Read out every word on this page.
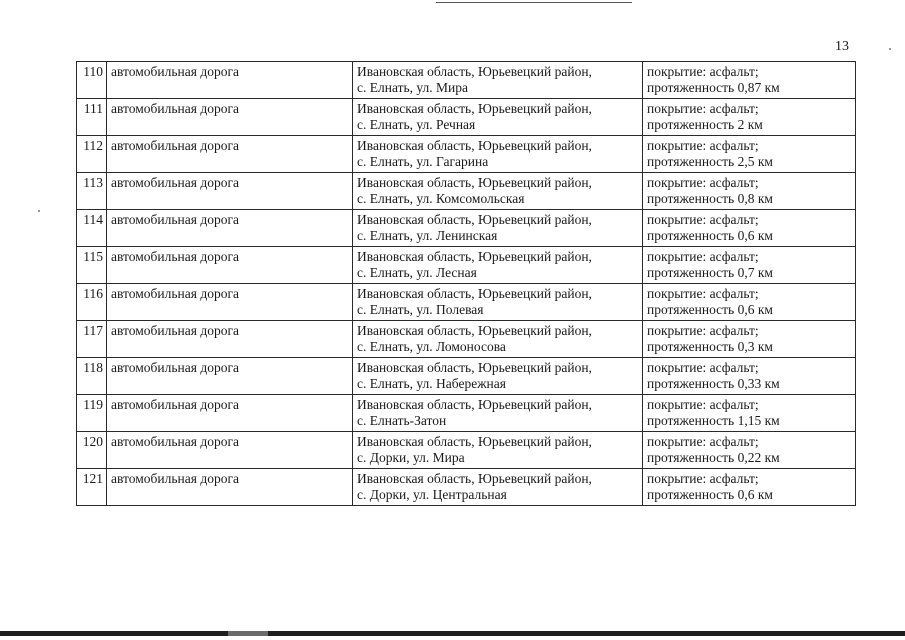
13
110	автомобильная дорога	Ивановская область, Юрьевецкий район,
с. Елнать, ул. Мира	покрытие: асфальт;
протяженность 0,87 км

111	автомобильная дорога	Ивановская область, Юрьевецкий район,
с. Елнать, ул. Речная	покрытие: асфальт;
протяженность 2 км

112	автомобильная дорога	Ивановская область, Юрьевецкий район,
с. Елнать, ул. Гагарина	покрытие: асфальт;
протяженность 2,5 км

113	автомобильная дорога	Ивановская область, Юрьевецкий район,
с. Елнать, ул. Комсомольская	покрытие: асфальт;
протяженность 0,8 км

114	автомобильная дорога	Ивановская область, Юрьевецкий район,
с. Елнать, ул. Ленинская	покрытие: асфальт;
протяженность 0,6 км

115	автомобильная дорога	Ивановская область, Юрьевецкий район,
с. Елнать, ул. Лесная	покрытие: асфальт;
протяженность 0,7 км

116	автомобильная дорога	Ивановская область, Юрьевецкий район,
с. Елнать, ул. Полевая	покрытие: асфальт;
протяженность 0,6 км

117	автомобильная дорога	Ивановская область, Юрьевецкий район,
с. Елнать, ул. Ломоносова	покрытие: асфальт;
протяженность 0,3 км

118	автомобильная дорога	Ивановская область, Юрьевецкий район,
с. Елнать, ул. Набережная	покрытие: асфальт;
протяженность 0,33 км

119	автомобильная дорога	Ивановская область, Юрьевецкий район,
с. Елнать-Затон	покрытие: асфальт;
протяженность 1,15 км

120	автомобильная дорога	Ивановская область, Юрьевецкий район,
с. Дорки, ул. Мира	покрытие: асфальт;
протяженность 0,22 км

121	автомобильная дорога	Ивановская область, Юрьевецкий район,
с. Дорки, ул. Центральная	покрытие: асфальт;
протяженность 0,6 км
